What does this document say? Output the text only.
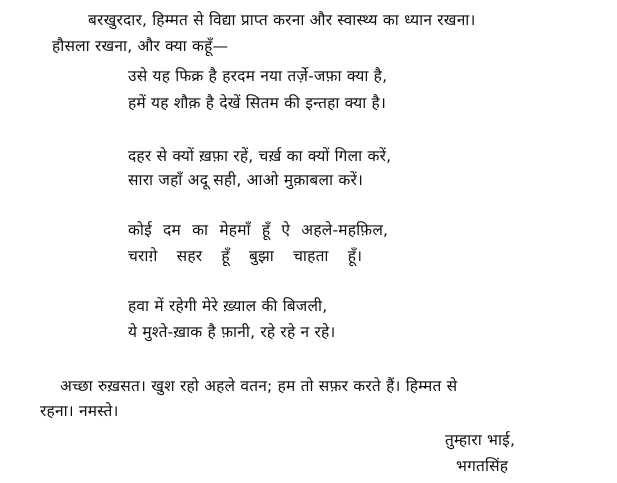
बरखुरदार, हिम्मत से विद्या प्राप्त करना और स्वास्थ्य का ध्यान रखना।
हौसला रखना, और क्या कहूँ—
उसे यह फिक्र है हरदम नया तर्ज़े-जफ़ा क्या है,
हमें यह शौक़ है देखें सितम की इन्तहा क्या है।
दहर से क्यों ख़फ़ा रहें, चर्ख़ का क्यों गिला करें,
सारा जहाँ अदू सही, आओ मुक़ाबला करें।
कोई दम का मेहमाँ हूँ ऐ अहले-महफ़िल,
चराग़े सहर हूँ बुझा चाहता हूँ।
हवा में रहेगी मेरे ख़्याल की बिजली,
ये मुश्ते-ख़ाक है फ़ानी, रहे रहे न रहे।
अच्छा रुख़सत। खुश रहो अहले वतन; हम तो सफ़र करते हैं। हिम्मत से
रहना। नमस्ते।
तुम्हारा भाई,
भगतसिंह
